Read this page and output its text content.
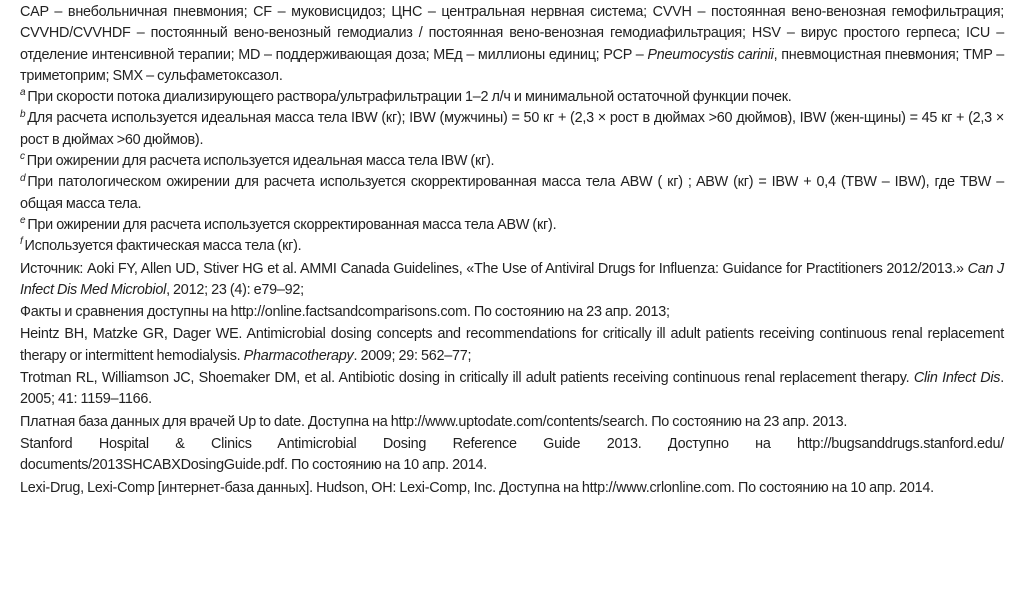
CAP – внебольничная пневмония; CF – муковисцидоз; ЦНС – центральная нервная система; CVVH – постоянная вено-венозная гемофильтрация; CVVHD/CVVHDF – постоянный вено-венозный гемодиализ / постоянная вено-венозная гемодиафильтрация; HSV – вирус простого герпеса; ICU – отделение интенсивной терапии; MD – поддерживающая доза; МЕд – миллионы единиц; PCP – Pneumocystis carinii, пневмоцистная пневмония; TMP – триметоприм; SMX – сульфаметоксазол.

$^a$ При скорости потока диализирующего раствора/ультрафильтрации 1–2 л/ч и минимальной остаточной функции почек.

$^b$ Для расчета используется идеальная масса тела IBW (кг); IBW (мужчины) = 50 кг + (2,3 × рост в дюймах >60 дюймов), IBW (жен-щины) = 45 кг + (2,3 × рост в дюймах >60 дюймов).

$^c$ При ожирении для расчета используется идеальная масса тела IBW (кг).

$^d$ При патологическом ожирении для расчета используется скорректированная масса тела ABW ( кг) ; ABW (кг) = IBW + 0,4 (TBW – IBW), где TBW – общая масса тела.

$^e$ При ожирении для расчета используется скорректированная масса тела ABW (кг).

$^f$ Используется фактическая масса тела (кг).

Источник: Aoki FY, Allen UD, Stiver HG et al. AMMI Canada Guidelines, «The Use of Antiviral Drugs for Influenza: Guidance for Practitioners 2012/2013.» Can J Infect Dis Med Microbiol, 2012; 23 (4): e79–92;

Факты и сравнения доступны на http://online.factsandcomparisons.com. По состоянию на 23 апр. 2013;

Heintz BH, Matzke GR, Dager WE. Antimicrobial dosing concepts and recommendations for critically ill adult patients receiving continuous renal replacement therapy or intermittent hemodialysis. Pharmacotherapy. 2009; 29: 562–77;

Trotman RL, Williamson JC, Shoemaker DM, et al. Antibiotic dosing in critically ill adult patients receiving continuous renal replacement therapy. Clin Infect Dis. 2005; 41: 1159–1166.

Платная база данных для врачей Up to date. Доступна на http://www.uptodate.com/contents/search. По состоянию на 23 апр. 2013.

Stanford Hospital & Clinics Antimicrobial Dosing Reference Guide 2013. Доступно на http://bugsanddrugs.stanford.edu/ documents/2013SHCABXDosingGuide.pdf. По состоянию на 10 апр. 2014.

Lexi-Drug, Lexi-Comp [интернет-база данных]. Hudson, OH: Lexi-Comp, Inc. Доступна на http://www.crlonline.com. По состоянию на 10 апр. 2014.
